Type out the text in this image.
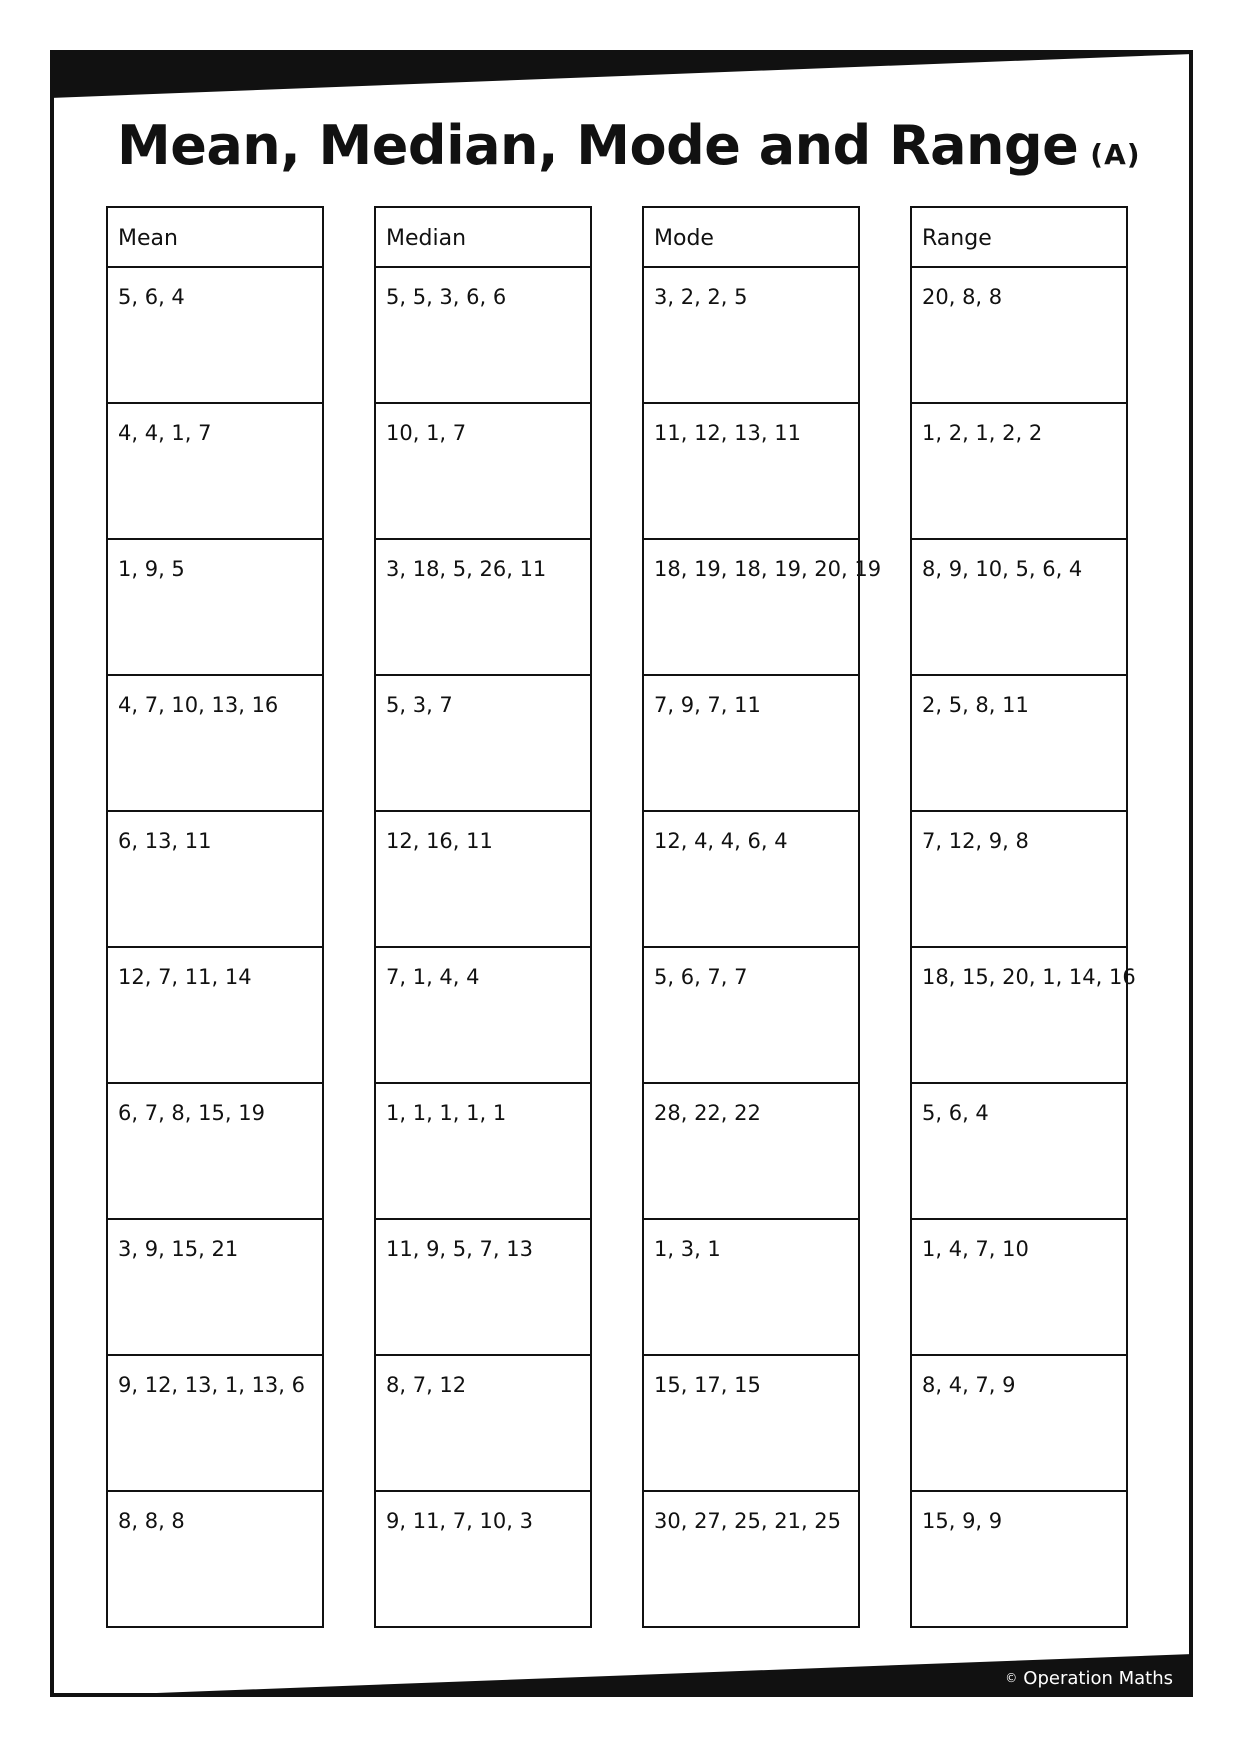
Mean, Median, Mode and Range (A)
Mean
5, 6, 4
4, 4, 1, 7
1, 9, 5
4, 7, 10, 13, 16
6, 13, 11
12, 7, 11, 14
6, 7, 8, 15, 19
3, 9, 15, 21
9, 12, 13, 1, 13, 6
8, 8, 8
Median
5, 5, 3, 6, 6
10, 1, 7
3, 18, 5, 26, 11
5, 3, 7
12, 16, 11
7, 1, 4, 4
1, 1, 1, 1, 1
11, 9, 5, 7, 13
8, 7, 12
9, 11, 7, 10, 3
Mode
3, 2, 2, 5
11, 12, 13, 11
18, 19, 18, 19, 20, 19
7, 9, 7, 11
12, 4, 4, 6, 4
5, 6, 7, 7
28, 22, 22
1, 3, 1
15, 17, 15
30, 27, 25, 21, 25
Range
20, 8, 8
1, 2, 1, 2, 2
8, 9, 10, 5, 6, 4
2, 5, 8, 11
7, 12, 9, 8
18, 15, 20, 1, 14, 16
5, 6, 4
1, 4, 7, 10
8, 4, 7, 9
15, 9, 9
© Operation Maths
